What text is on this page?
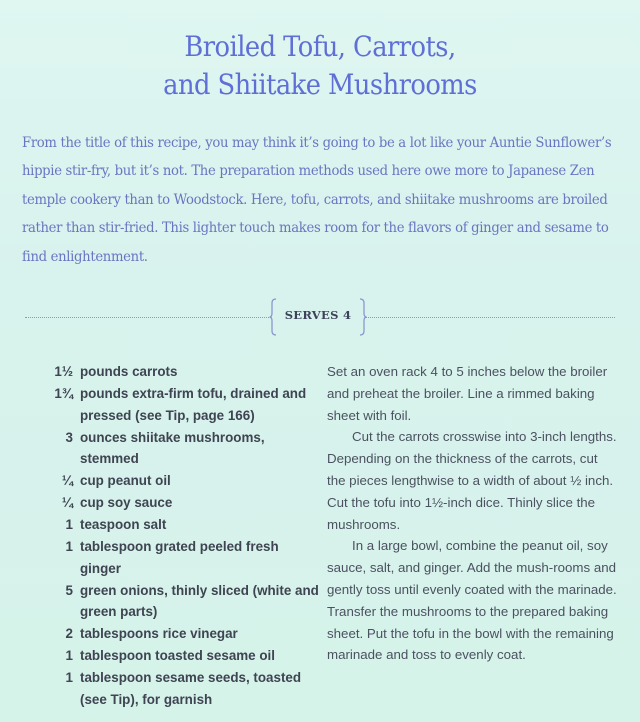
Broiled Tofu, Carrots,
and Shiitake Mushrooms

From the title of this recipe, you may think it’s going to be a lot like your Auntie Sunflower’s hippie stir-fry, but it’s not. The preparation methods used here owe more to Japanese Zen temple cookery than to Woodstock. Here, tofu, carrots, and shiitake mushrooms are broiled rather than stir-fried. This lighter touch makes room for the flavors of ginger and sesame to find enlightenment.

SERVES 4
1½ pounds carrots
1¾ pounds extra-firm tofu, drained and pressed (see Tip, page 166)
3 ounces shiitake mushrooms, stemmed
¼ cup peanut oil
¼ cup soy sauce
1 teaspoon salt
1 tablespoon grated peeled fresh ginger
5 green onions, thinly sliced (white and green parts)
2 tablespoons rice vinegar
1 tablespoon toasted sesame oil
1 tablespoon sesame seeds, toasted (see Tip), for garnish

Set an oven rack 4 to 5 inches below the broiler and preheat the broiler. Line a rimmed baking sheet with foil.

Cut the carrots crosswise into 3-inch lengths. Depending on the thickness of the carrots, cut the pieces lengthwise to a width of about ½ inch. Cut the tofu into 1½-inch dice. Thinly slice the mushrooms.

In a large bowl, combine the peanut oil, soy sauce, salt, and ginger. Add the mush-rooms and gently toss until evenly coated with the marinade. Transfer the mushrooms to the prepared baking sheet. Put the tofu in the bowl with the remaining marinade and toss to evenly coat.
